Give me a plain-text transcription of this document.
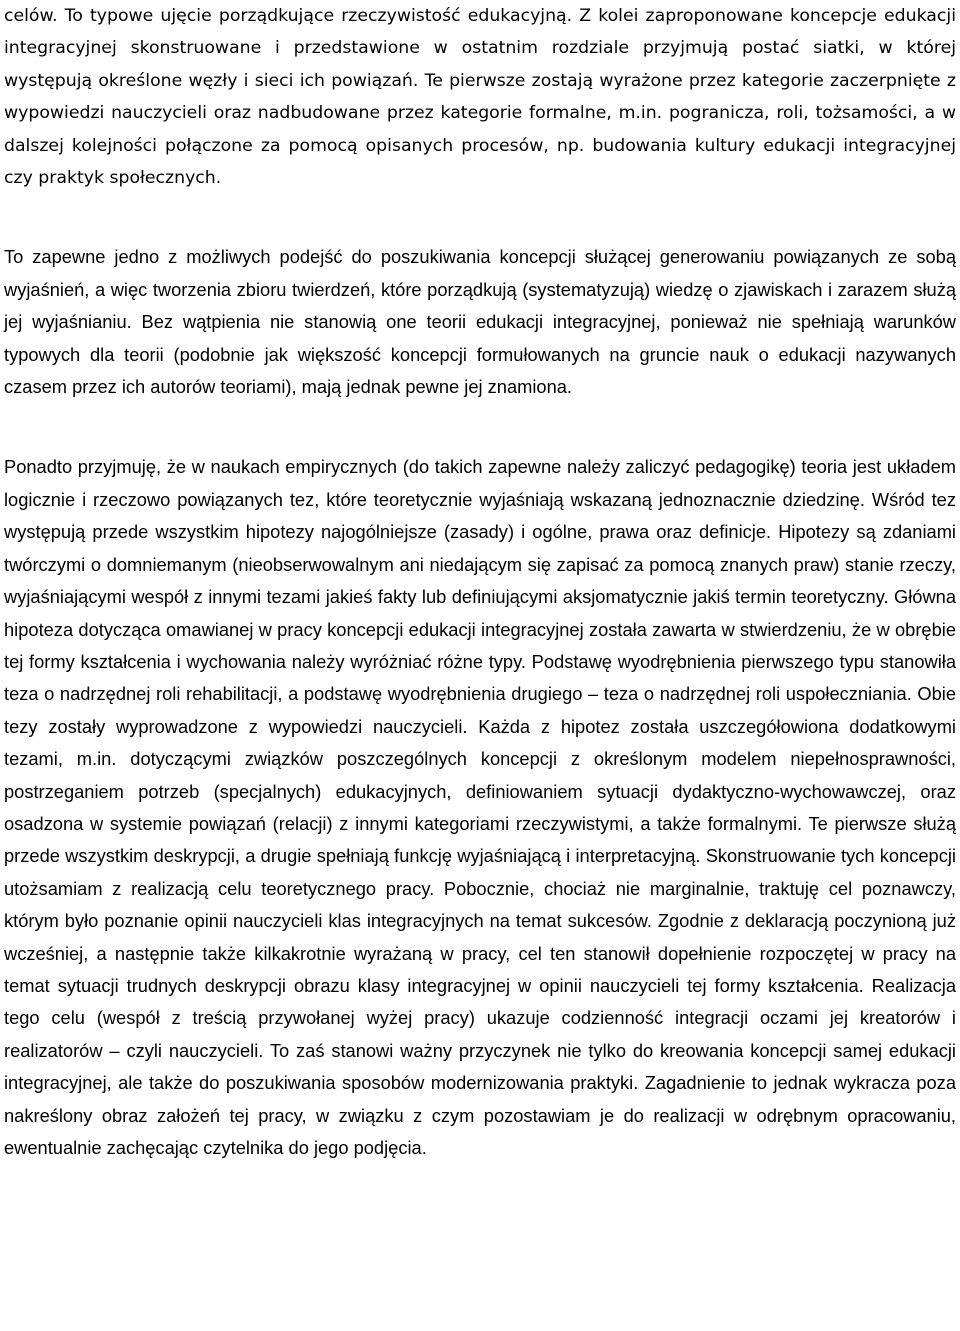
celów. To typowe ujęcie porządkujące rzeczywistość edukacyjną. Z kolei zaproponowane koncepcje edukacji integracyjnej skonstruowane i przedstawione w ostatnim rozdziale przyjmują postać siatki, w której występują określone węzły i sieci ich powiązań. Te pierwsze zostają wyrażone przez kategorie zaczerpnięte z wypowiedzi nauczycieli oraz nadbudowane przez kategorie formalne, m.in. pogranicza, roli, tożsamości, a w dalszej kolejności połączone za pomocą opisanych procesów, np. budowania kultury edukacji integracyjnej czy praktyk społecznych.

To zapewne jedno z możliwych podejść do poszukiwania koncepcji służącej generowaniu powiązanych ze sobą wyjaśnień, a więc tworzenia zbioru twierdzeń, które porządkują (systematyzują) wiedzę o zjawiskach i zarazem służą jej wyjaśnianiu. Bez wątpienia nie stanowią one teorii edukacji integracyjnej, ponieważ nie spełniają warunków typowych dla teorii (podobnie jak większość koncepcji formułowanych na gruncie nauk o edukacji nazywanych czasem przez ich autorów teoriami), mają jednak pewne jej znamiona.

Ponadto przyjmuję, że w naukach empirycznych (do takich zapewne należy zaliczyć pedagogikę) teoria jest układem logicznie i rzeczowo powiązanych tez, które teoretycznie wyjaśniają wskazaną jednoznacznie dziedzinę. Wśród tez występują przede wszystkim hipotezy najogólniejsze (zasady) i ogólne, prawa oraz definicje. Hipotezy są zdaniami twórczymi o domniemanym (nieobserwowalnym ani niedającym się zapisać za pomocą znanych praw) stanie rzeczy, wyjaśniającymi wespół z innymi tezami jakieś fakty lub definiującymi aksjomatycznie jakiś termin teoretyczny. Główna hipoteza dotycząca omawianej w pracy koncepcji edukacji integracyjnej została zawarta w stwierdzeniu, że w obrębie tej formy kształcenia i wychowania należy wyróżniać różne typy. Podstawę wyodrębnienia pierwszego typu stanowiła teza o nadrzędnej roli rehabilitacji, a podstawę wyodrębnienia drugiego – teza o nadrzędnej roli uspołeczniania. Obie tezy zostały wyprowadzone z wypowiedzi nauczycieli. Każda z hipotez została uszczegółowiona dodatkowymi tezami, m.in. dotyczącymi związków poszczególnych koncepcji z określonym modelem niepełnosprawności, postrzeganiem potrzeb (specjalnych) edukacyjnych, definiowaniem sytuacji dydaktyczno-wychowawczej, oraz osadzona w systemie powiązań (relacji) z innymi kategoriami rzeczywistymi, a także formalnymi. Te pierwsze służą przede wszystkim deskrypcji, a drugie spełniają funkcję wyjaśniającą i interpretacyjną. Skonstruowanie tych koncepcji utożsamiam z realizacją celu teoretycznego pracy. Pobocznie, chociaż nie marginalnie, traktuję cel poznawczy, którym było poznanie opinii nauczycieli klas integracyjnych na temat sukcesów. Zgodnie z deklaracją poczynioną już wcześniej, a następnie także kilkakrotnie wyrażaną w pracy, cel ten stanowił dopełnienie rozpoczętej w pracy na temat sytuacji trudnych deskrypcji obrazu klasy integracyjnej w opinii nauczycieli tej formy kształcenia. Realizacja tego celu (wespół z treścią przywołanej wyżej pracy) ukazuje codzienność integracji oczami jej kreatorów i realizatorów – czyli nauczycieli. To zaś stanowi ważny przyczynek nie tylko do kreowania koncepcji samej edukacji integracyjnej, ale także do poszukiwania sposobów modernizowania praktyki. Zagadnienie to jednak wykracza poza nakreślony obraz założeń tej pracy, w związku z czym pozostawiam je do realizacji w odrębnym opracowaniu, ewentualnie zachęcając czytelnika do jego podjęcia.
